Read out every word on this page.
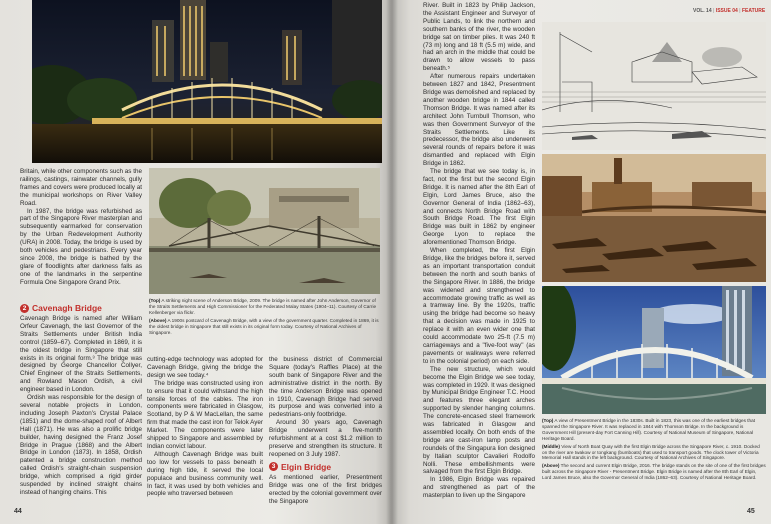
Britain, while other components such as the railings, castings, rainwater channels, gully frames and covers were produced locally at the municipal workshops on River Valley Road.

In 1987, the bridge was refurbished as part of the Singapore River masterplan and subsequently earmarked for conservation by the Urban Redevelopment Authority (URA) in 2008. Today, the bridge is used by both vehicles and pedestrians. Every year since 2008, the bridge is bathed by the glare of floodlights after darkness falls as one of the landmarks in the serpentine Formula One Singapore Grand Prix.

(Top) A striking night scene of Anderson Bridge, 2009. The bridge is named after John Anderson, Governor of the Straits Settlements and High Commissioner for the Federated Malay States (1904–11). Courtesy of Carrie Kellenberger via flickr.
(Above) A 1900s postcard of Cavenagh Bridge, with a view of the government quarter. Completed in 1869, it is the oldest bridge in Singapore that still exists in its original form today. Courtesy of National Archives of Singapore.
2 Cavenagh Bridge

Cavenagh Bridge is named after William Orfeur Cavenagh, the last Governor of the Straits Settlements under British India control (1859–67). Completed in 1869, it is the oldest bridge in Singapore that still exists in its original form.³ The bridge was designed by George Chancellor Collyer, Chief Engineer of the Straits Settlements, and Rowland Mason Ordish, a civil engineer based in London.

Ordish was responsible for the design of several notable projects in London, including Joseph Paxton's Crystal Palace (1851) and the dome-shaped roof of Albert Hall (1871). He was also a prolific bridge builder, having designed the Franz Josef Bridge in Prague (1868) and the Albert Bridge in London (1873). In 1858, Ordish patented a bridge construction method called Ordish's straight-chain suspension bridge, which comprised a rigid girder suspended by inclined straight chains instead of hanging chains. This

cutting-edge technology was adopted for Cavenagh Bridge, giving the bridge the design we see today.⁴

The bridge was constructed using iron to ensure that it could withstand the high tensile forces of the cables. The iron components were fabricated in Glasgow, Scotland, by P & W MacLellan, the same firm that made the cast iron for Telok Ayer Market. The components were later shipped to Singapore and assembled by Indian convict labour.

Although Cavenagh Bridge was built too low for vessels to pass beneath it during high tide, it served the local populace and business community well. In fact, it was used by both vehicles and people who traversed between

the business district of Commercial Square (today's Raffles Place) at the south bank of Singapore River and the administrative district in the north. By the time Anderson Bridge was opened in 1910, Cavenagh Bridge had served its purpose and was converted into a pedestrians-only footbridge.

Around 30 years ago, Cavenagh Bridge underwent a five-month refurbishment at a cost $1.2 million to preserve and strengthen its structure. It reopened on 3 July 1987.

3 Elgin Bridge

As mentioned earlier, Presentment Bridge was one of the first bridges erected by the colonial government over the Singapore

44
VOL. 14 | ISSUE 04 | FEATURE

River. Built in 1823 by Philip Jackson, the Assistant Engineer and Surveyor of Public Lands, to link the northern and southern banks of the river, the wooden bridge sat on timber piles. It was 240 ft (73 m) long and 18 ft (5.5 m) wide, and had an arch in the middle that could be drawn to allow vessels to pass beneath.⁵

After numerous repairs undertaken between 1827 and 1842, Presentment Bridge was demolished and replaced by another wooden bridge in 1844 called Thomson Bridge. It was named after its architect John Turnbull Thomson, who was then Government Surveyor of the Straits Settlements. Like its predecessor, the bridge also underwent several rounds of repairs before it was dismantled and replaced with Elgin Bridge in 1862.

The bridge that we see today is, in fact, not the first but the second Elgin Bridge. It is named after the 8th Earl of Elgin, Lord James Bruce, also the Governor General of India (1862–63), and connects North Bridge Road with South Bridge Road. The first Elgin Bridge was built in 1862 by engineer George Lyon to replace the aforementioned Thomson Bridge.

When completed, the first Elgin Bridge, like the bridges before it, served as an important transportation conduit between the north and south banks of the Singapore River. In 1886, the bridge was widened and strengthened to accommodate growing traffic as well as a tramway line. By the 1920s, traffic using the bridge had become so heavy that a decision was made in 1925 to replace it with an even wider one that could accommodate two 25-ft (7.5 m) carriageways and a "five-foot way" (as pavements or walkways were referred to in the colonial period) on each side.

The new structure, which would become the Elgin Bridge we see today, was completed in 1929. It was designed by Municipal Bridge Engineer T.C. Hood and features three elegant arches supported by slender hanging columns. The concrete-encased steel framework was fabricated in Glasgow and assembled locally. On both ends of the bridge are cast-iron lamp posts and roundels of the Singapura lion designed by Italian sculptor Cavalieri Rodolfo Nolli. These embellishments were salvaged from the first Elgin Bridge.

In 1986, Elgin Bridge was repaired and strengthened as part of the masterplan to liven up the Singapore

(Top) A view of Presentment Bridge in the 1830s. Built in 1823, this was one of the earliest bridges that spanned the Singapore River. It was replaced in 1844 with Thomson Bridge. In the background is Government Hill (present-day Fort Canning Hill). Courtesy of National Museum of Singapore, National Heritage Board.
(Middle) View of North Boat Quay with the first Elgin Bridge across the Singapore River, c. 1910. Docked on the river are twakow or tongkang (bumboats) that used to transport goods. The clock tower of Victoria Memorial Hall stands in the left background. Courtesy of National Archives of Singapore.
(Above) The second and current Elgin Bridge, 2016. The bridge stands on the site of one of the first bridges built across the Singapore River - Presentment Bridge. Elgin Bridge is named after the 8th Earl of Elgin, Lord James Bruce, also the Governor General of India (1862–63). Courtesy of National Heritage Board.
45
